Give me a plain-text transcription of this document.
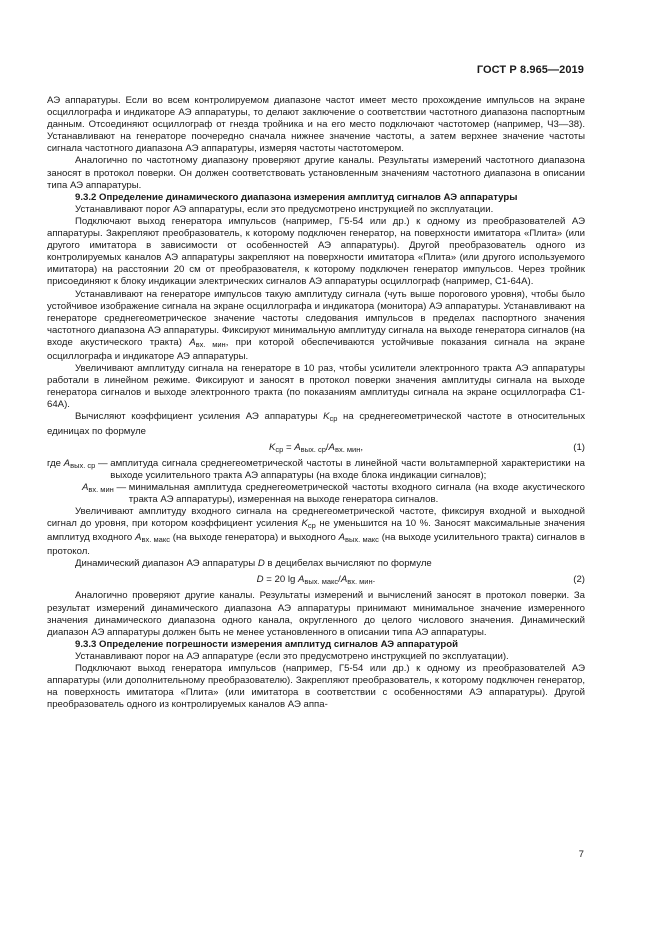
ГОСТ Р 8.965—2019

АЭ аппаратуры. Если во всем контролируемом диапазоне частот имеет место прохождение импульсов на экране осциллографа и индикаторе АЭ аппаратуры, то делают заключение о соответствии частотного диапазона паспортным данным. Отсоединяют осциллограф от гнезда тройника и на его место подключают частотомер (например, Ч3—38). Устанавливают на генераторе поочередно сначала нижнее значение частоты, а затем верхнее значение частоты сигнала частотного диапазона АЭ аппаратуры, измеряя частоты частотомером.

Аналогично по частотному диапазону проверяют другие каналы. Результаты измерений частотного диапазона заносят в протокол поверки. Он должен соответствовать установленным значениям частотного диапазона в описании типа АЭ аппаратуры.

9.3.2 Определение динамического диапазона измерения амплитуд сигналов АЭ аппаратуры

Устанавливают порог АЭ аппаратуры, если это предусмотрено инструкцией по эксплуатации.

Подключают выход генератора импульсов (например, Г5-54 или др.) к одному из преобразователей АЭ аппаратуры. Закрепляют преобразователь, к которому подключен генератор, на поверхности имитатора «Плита» (или другого имитатора в зависимости от особенностей АЭ аппаратуры). Другой преобразователь одного из контролируемых каналов АЭ аппаратуры закрепляют на поверхности имитатора «Плита» (или другого используемого имитатора) на расстоянии 20 см от преобразователя, к которому подключен генератор импульсов. Через тройник присоединяют к блоку индикации электрических сигналов АЭ аппаратуры осциллограф (например, С1-64А).

Устанавливают на генераторе импульсов такую амплитуду сигнала (чуть выше порогового уровня), чтобы было устойчивое изображение сигнала на экране осциллографа и индикатора (монитора) АЭ аппаратуры. Устанавливают на генераторе среднегеометрическое значение частоты следования импульсов в пределах паспортного значения частотного диапазона АЭ аппаратуры. Фиксируют минимальную амплитуду сигнала на выходе генератора сигналов (на входе акустического тракта) $A_{вх. мин}$, при которой обеспечиваются устойчивые показания сигнала на экране осциллографа и индикаторе АЭ аппаратуры.

Увеличивают амплитуду сигнала на генераторе в 10 раз, чтобы усилители электронного тракта АЭ аппаратуры работали в линейном режиме. Фиксируют и заносят в протокол поверки значения амплитуды сигнала на выходе генератора сигналов и выходе электронного тракта (по показаниям амплитуды сигнала на экране осциллографа С1-64А).

Вычисляют коэффициент усиления АЭ аппаратуры $K_{ср}$ на среднегеометрической частоте в относительных единицах по формуле

$K_{ср} = A_{вых. ср}/A_{вх. мин}$,	(1)
где $A_{вых. ср}$ — амплитуда сигнала среднегеометрической частоты в линейной части вольтамперной характеристики на выходе усилительного тракта АЭ аппаратуры (на входе блока индикации сигналов);
$A_{вх. мин}$ — минимальная амплитуда среднегеометрической частоты входного сигнала (на входе акустического тракта АЭ аппаратуры), измеренная на выходе генератора сигналов.

Увеличивают амплитуду входного сигнала на среднегеометрической частоте, фиксируя входной и выходной сигнал до уровня, при котором коэффициент усиления $K_{ср}$ не уменьшится на 10 %. Заносят максимальные значения амплитуд входного $A_{вх. макс}$ (на выходе генератора) и выходного $A_{вых. макс}$ (на выходе усилительного тракта) сигналов в протокол.

Динамический диапазон АЭ аппаратуры D в децибелах вычисляют по формуле

D = 20 $\lg A_{вых. макс}/A_{вх. мин}$.	(2)

Аналогично проверяют другие каналы. Результаты измерений и вычислений заносят в протокол поверки. За результат измерений динамического диапазона АЭ аппаратуры принимают минимальное значение измеренного значения динамического диапазона одного канала, округленного до целого числового значения. Динамический диапазон АЭ аппаратуры должен быть не менее установленного в описании типа АЭ аппаратуры.

9.3.3 Определение погрешности измерения амплитуд сигналов АЭ аппаратурой

Устанавливают порог на АЭ аппаратуре (если это предусмотрено инструкцией по эксплуатации).

Подключают выход генератора импульсов (например, Г5-54 или др.) к одному из преобразователей АЭ аппаратуры (или дополнительному преобразователю). Закрепляют преобразователь, к которому подключен генератор, на поверхность имитатора «Плита» (или имитатора в соответствии с особенностями АЭ аппаратуры). Другой преобразователь одного из контролируемых каналов АЭ аппа-

7
